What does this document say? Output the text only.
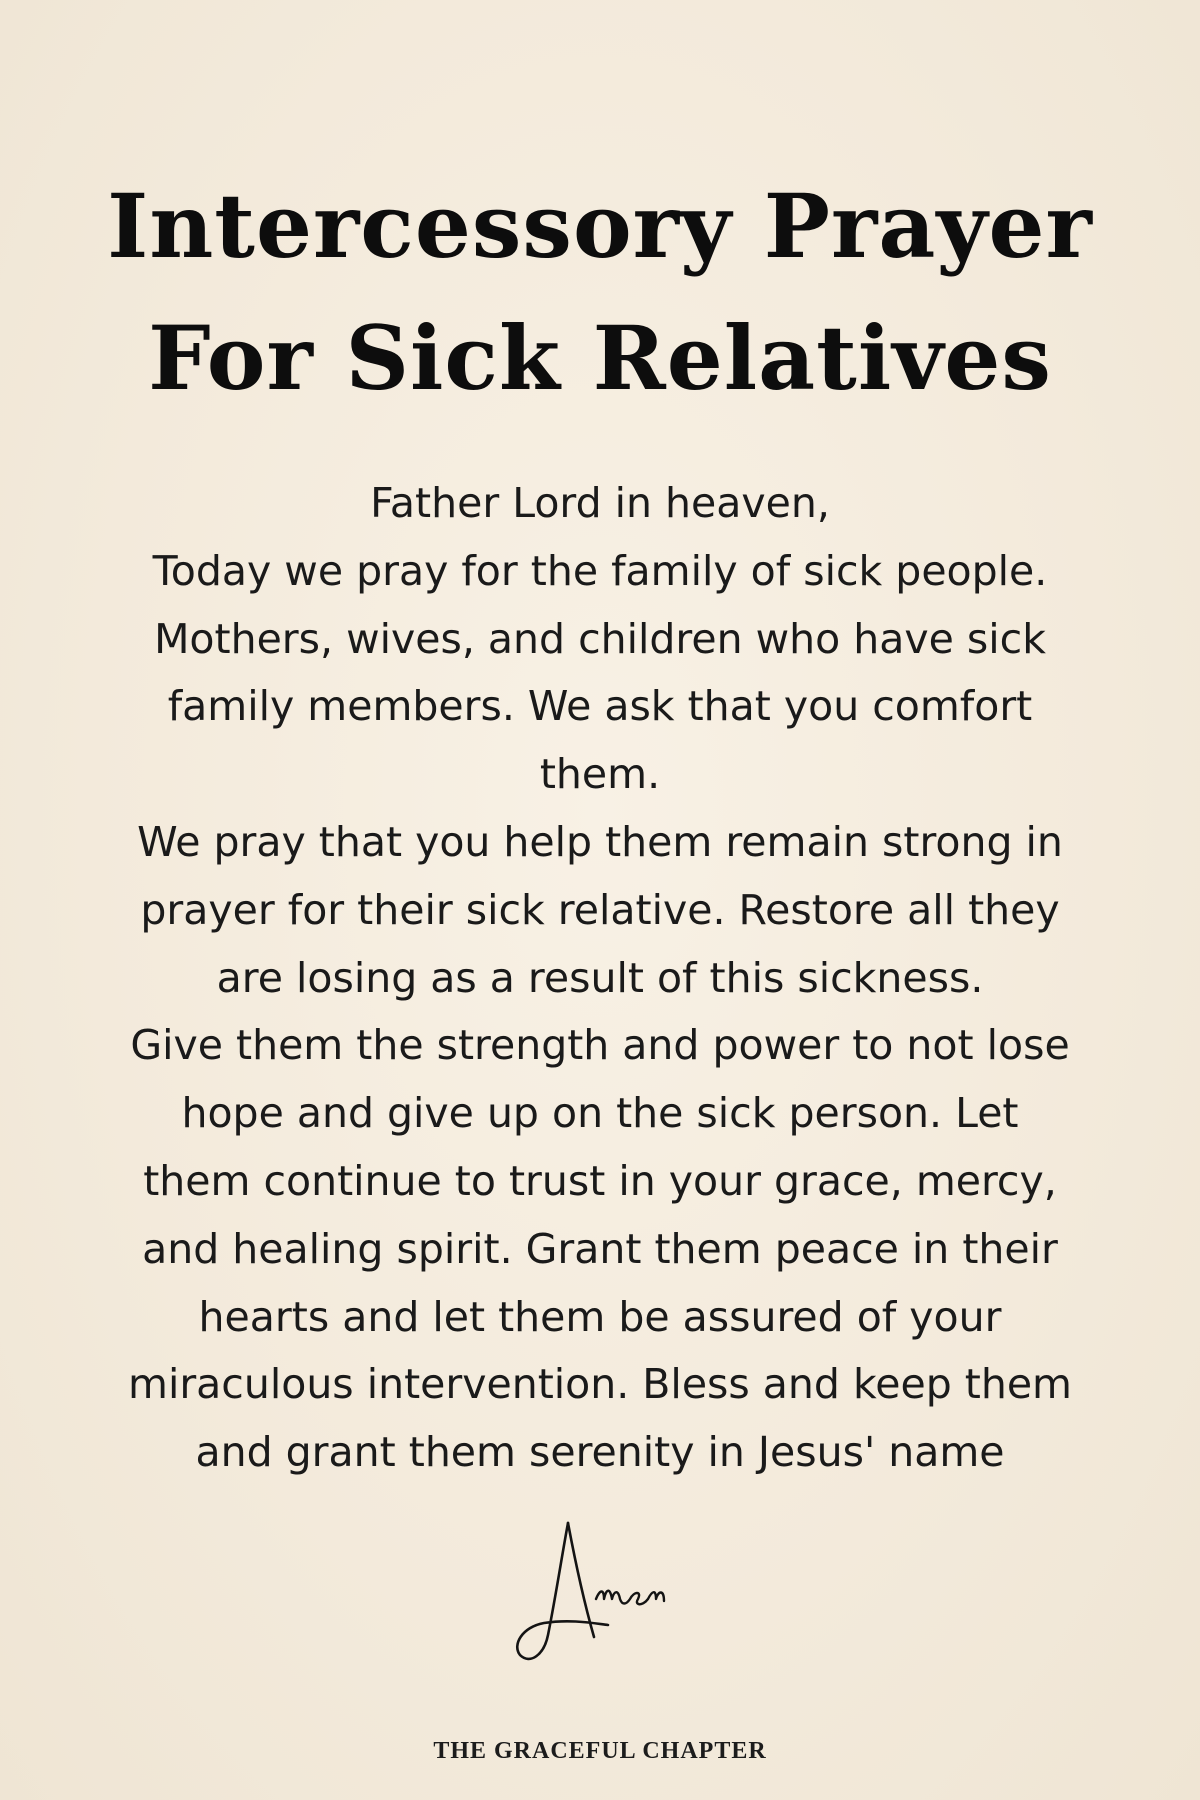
Intercessory Prayer
For Sick Relatives
Father Lord in heaven,
Today we pray for the family of sick people.
Mothers, wives, and children who have sick
family members. We ask that you comfort
them.
We pray that you help them remain strong in
prayer for their sick relative. Restore all they
are losing as a result of this sickness.
Give them the strength and power to not lose
hope and give up on the sick person. Let
them continue to trust in your grace, mercy,
and healing spirit. Grant them peace in their
hearts and let them be assured of your
miraculous intervention. Bless and keep them
and grant them serenity in Jesus' name
THE GRACEFUL CHAPTER
